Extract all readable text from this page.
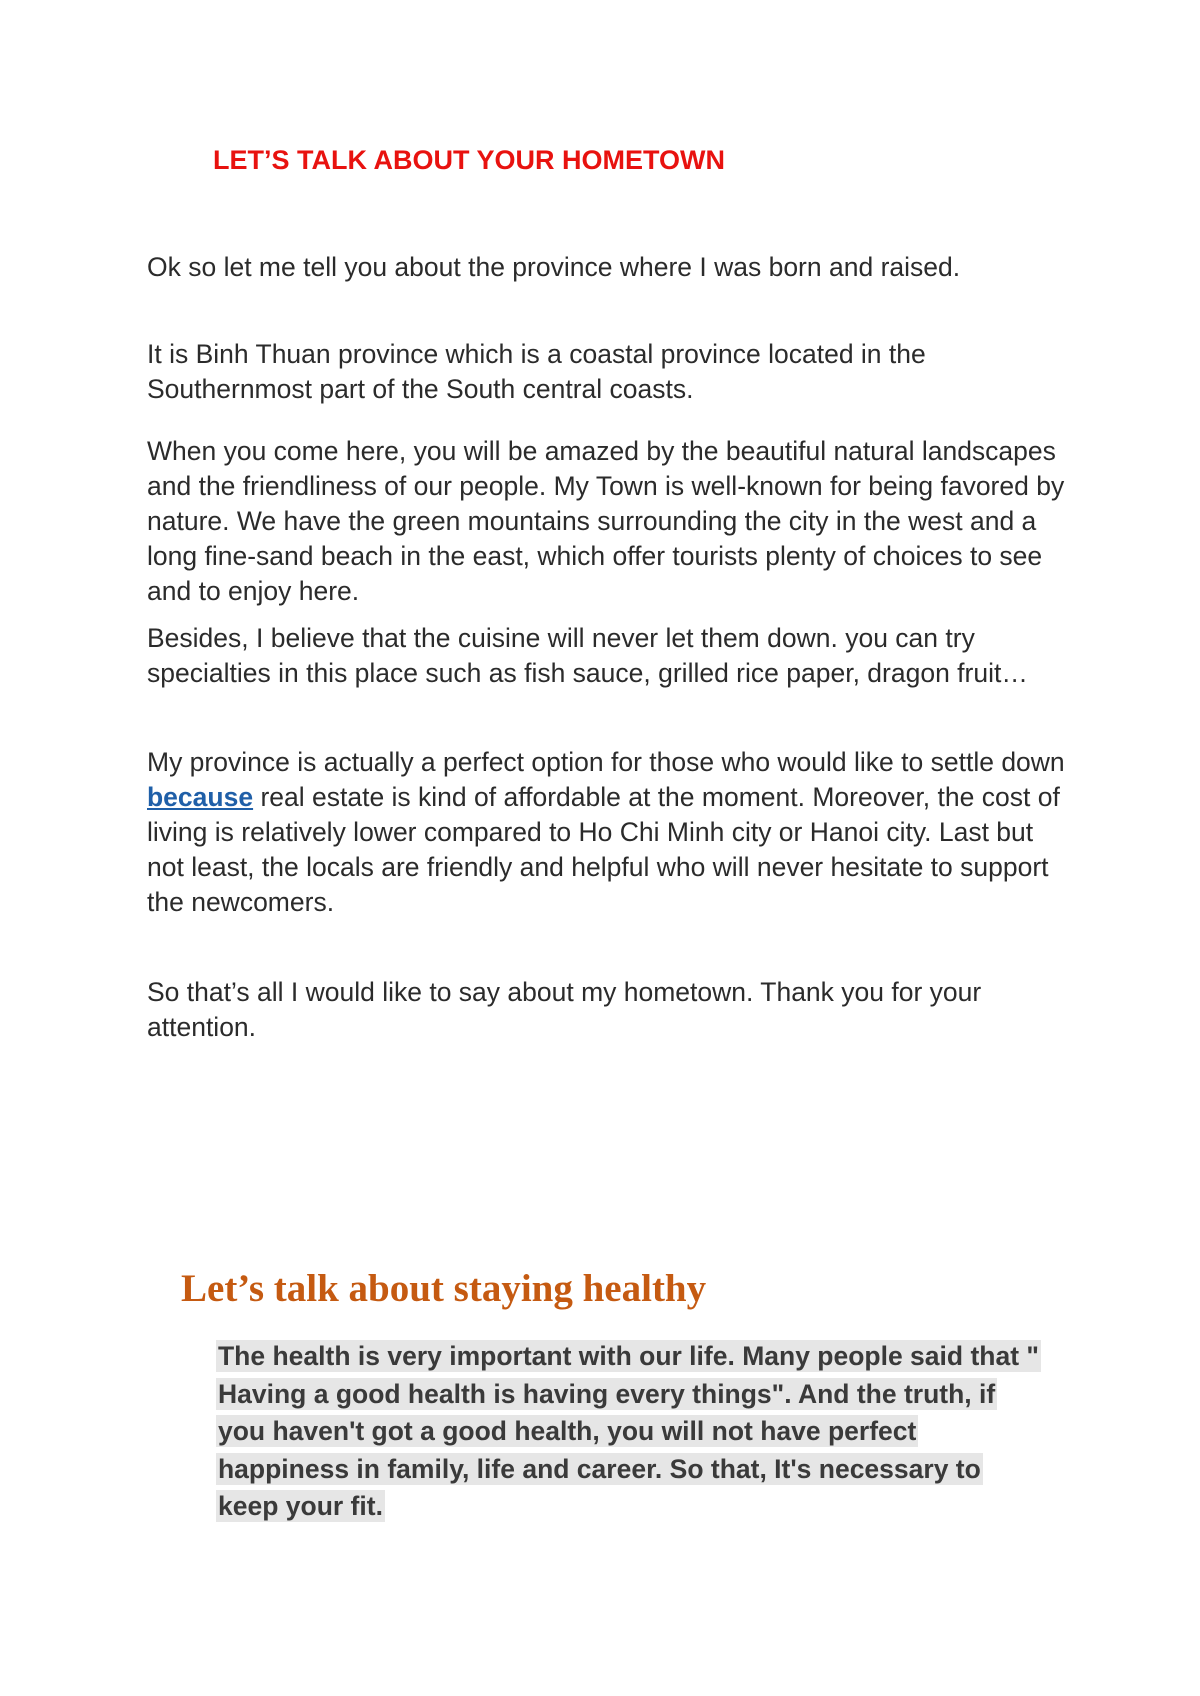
LET’S TALK ABOUT YOUR HOMETOWN

Ok so let me tell you about the province where I was born and raised.

It is Binh Thuan province which is a coastal province located in the Southernmost part of the South central coasts.

When you come here, you will be amazed by the beautiful natural landscapes and the friendliness of our people. My Town is well-known for being favored by nature. We have the green mountains surrounding the city in the west and a long fine-sand beach in the east, which offer tourists plenty of choices to see and to enjoy here.

Besides, I believe that the cuisine will never let them down. you can try specialties in this place such as fish sauce, grilled rice paper, dragon fruit…

My province is actually a perfect option for those who would like to settle down because real estate is kind of affordable at the moment. Moreover, the cost of living is relatively lower compared to Ho Chi Minh city or Hanoi city. Last but not least, the locals are friendly and helpful who will never hesitate to support the newcomers.

So that’s all I would like to say about my hometown. Thank you for your attention.

Let’s talk about staying healthy
The health is very important with our life. Many people said that " Having a good health is having every things". And the truth, if you haven't got a good health, you will not have perfect happiness in family, life and career. So that, It's necessary to keep your fit.
